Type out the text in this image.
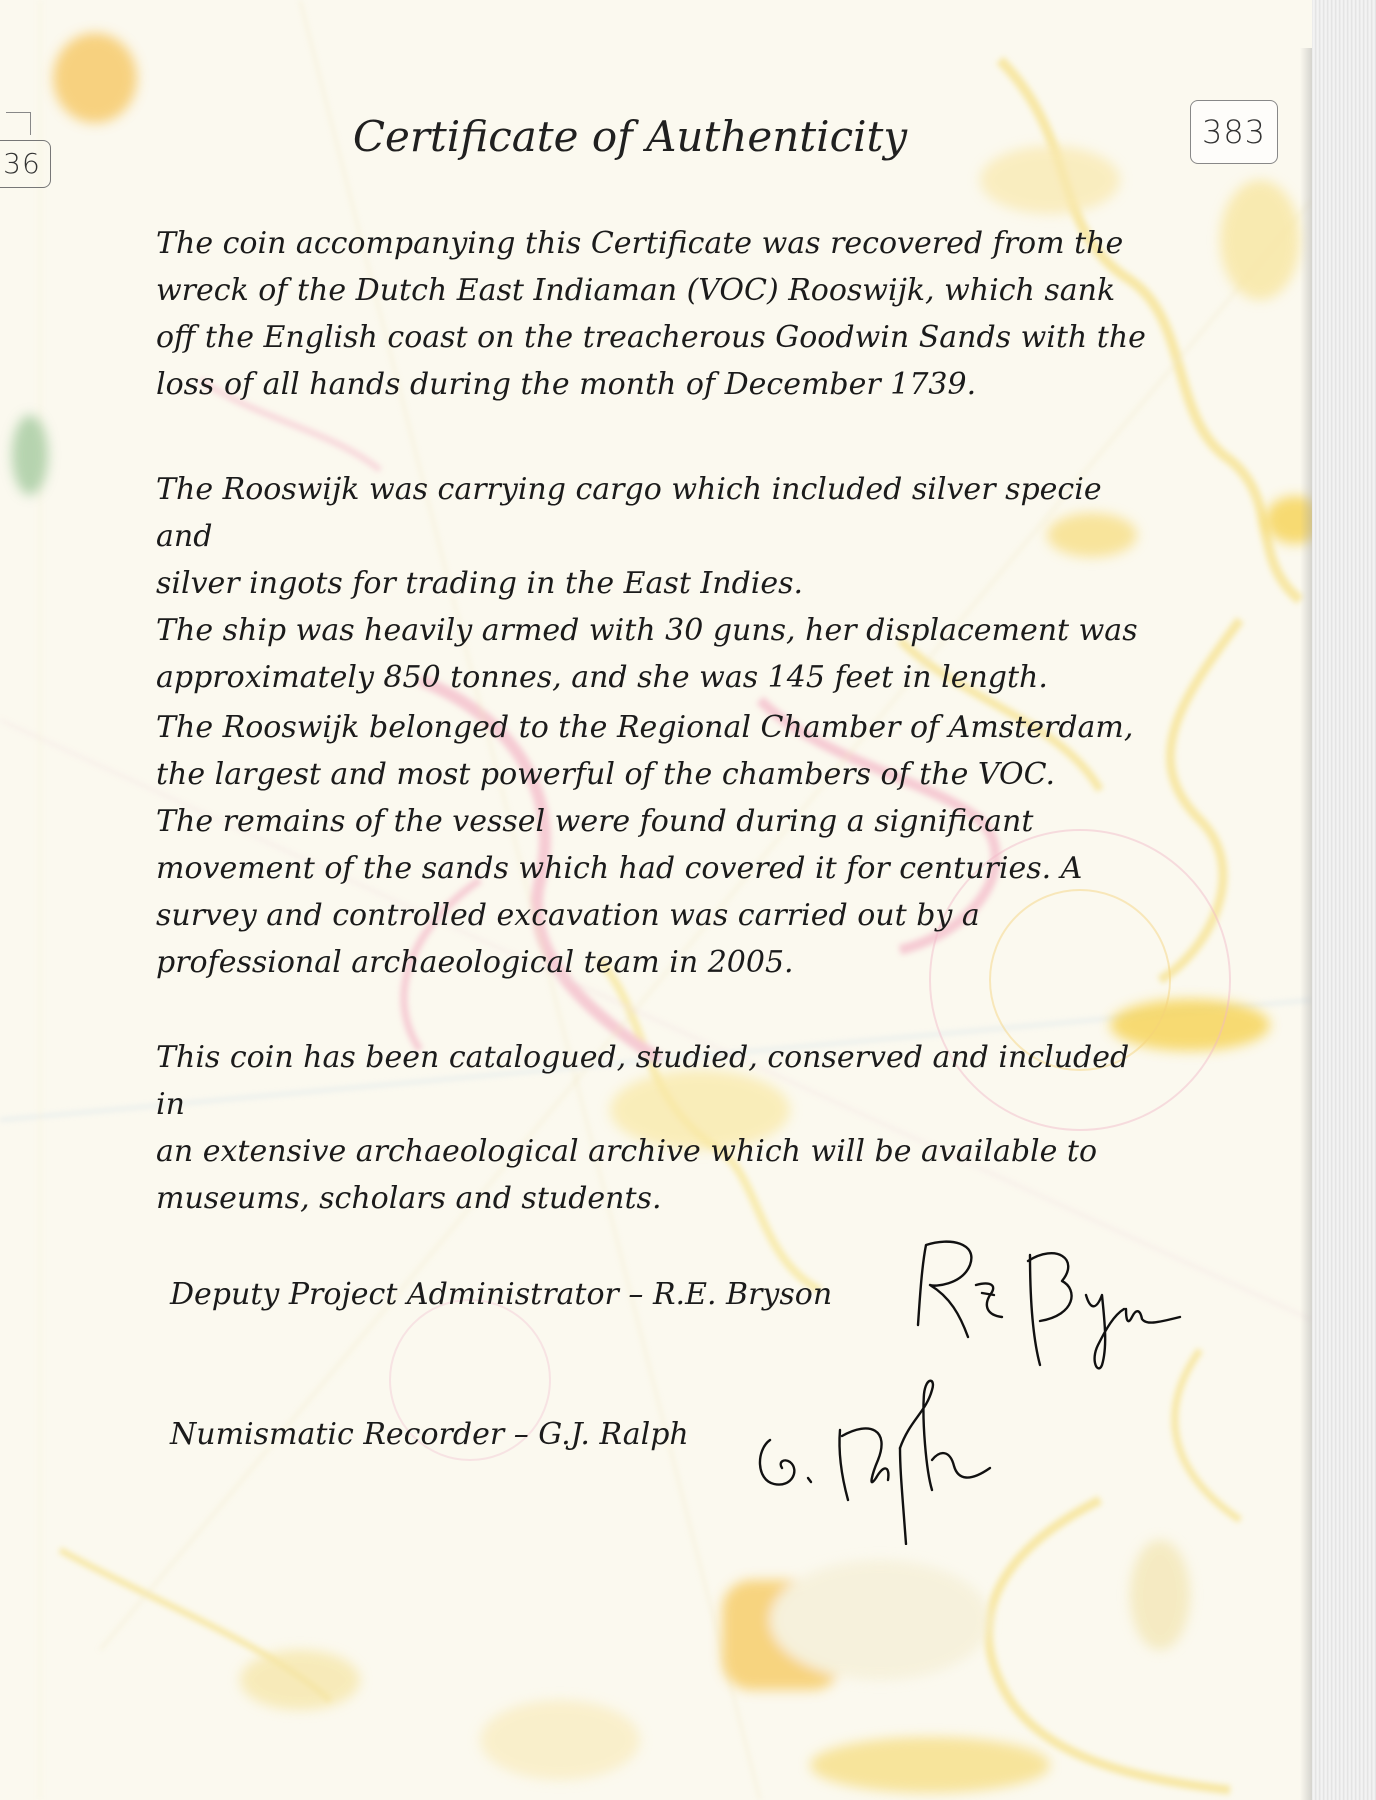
36
383
Certificate of Authenticity

The coin accompanying this Certificate was recovered from the
wreck of the Dutch East Indiaman (VOC) Rooswijk, which sank
off the English coast on the treacherous Goodwin Sands with the
loss of all hands during the month of December 1739.

The Rooswijk was carrying cargo which included silver specie and
silver ingots for trading in the East Indies.
The ship was heavily armed with 30 guns, her displacement was
approximately 850 tonnes, and she was 145 feet in length.

The Rooswijk belonged to the Regional Chamber of Amsterdam,
the largest and most powerful of the chambers of the VOC.
The remains of the vessel were found during a significant
movement of the sands which had covered it for centuries. A
survey and controlled excavation was carried out by a
professional archaeological team in 2005.

This coin has been catalogued, studied, conserved and included in
an extensive archaeological archive which will be available to
museums, scholars and students.

Deputy Project Administrator – R.E. Bryson
Numismatic Recorder – G.J. Ralph
